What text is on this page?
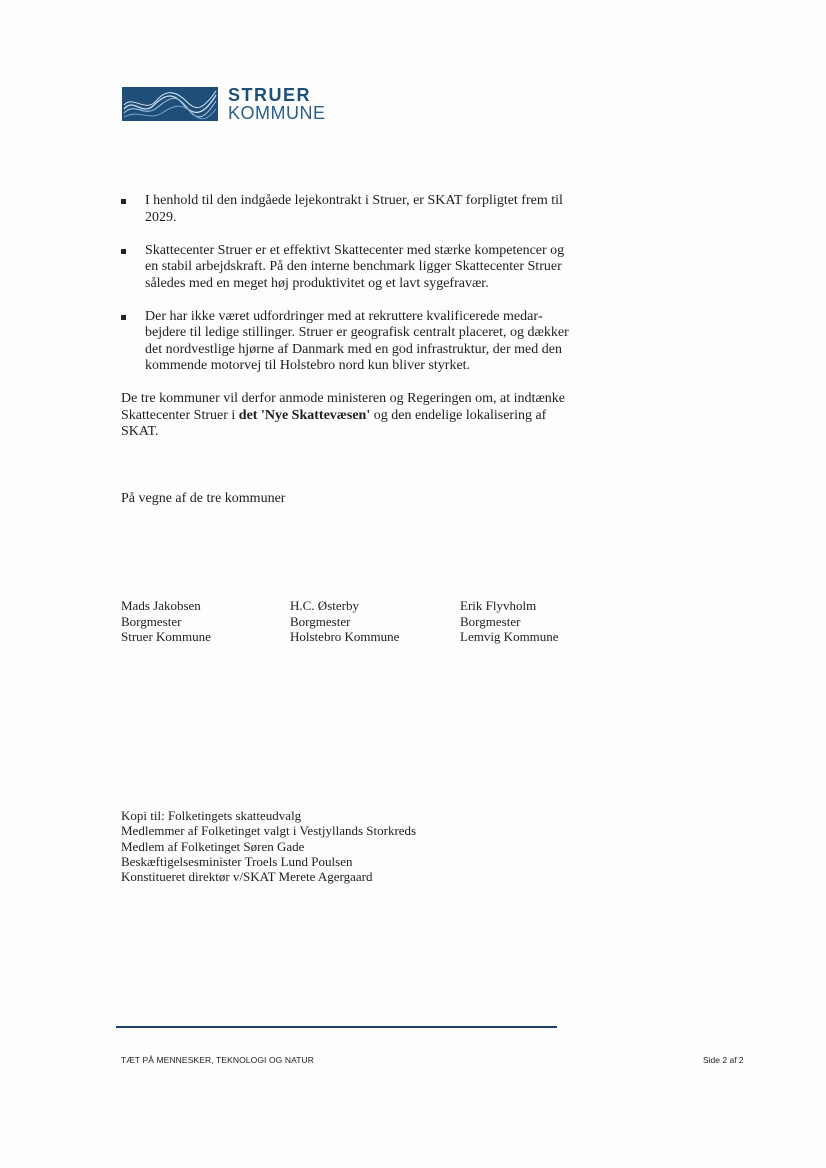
STRUER
KOMMUNE
I henhold til den indgåede lejekontrakt i Struer, er SKAT forpligtet frem til 2029.
Skattecenter Struer er et effektivt Skattecenter med stærke kompetencer og en stabil arbejdskraft. På den interne benchmark ligger Skattecenter Struer således med en meget høj produktivitet og et lavt sygefravær.
Der har ikke været udfordringer med at rekruttere kvalificerede medarbejdere til ledige stillinger. Struer er geografisk centralt placeret, og dækker det nordvestlige hjørne af Danmark med en god infrastruktur, der med den kommende motorvej til Holstebro nord kun bliver styrket.

De tre kommuner vil derfor anmode ministeren og Regeringen om, at indtænke Skattecenter Struer i det 'Nye Skattevæsen' og den endelige lokalisering af SKAT.

På vegne af de tre kommuner
Mads Jakobsen
Borgmester
Struer Kommune
H.C. Østerby
Borgmester
Holstebro Kommune
Erik Flyvholm
Borgmester
Lemvig Kommune
Kopi til: Folketingets skatteudvalg
Medlemmer af Folketinget valgt i Vestjyllands Storkreds
Medlem af Folketinget Søren Gade
Beskæftigelsesminister Troels Lund Poulsen
Konstitueret direktør v/SKAT Merete Agergaard
TÆT PÅ MENNESKER, TEKNOLOGI OG NATUR	Side 2 af 2
